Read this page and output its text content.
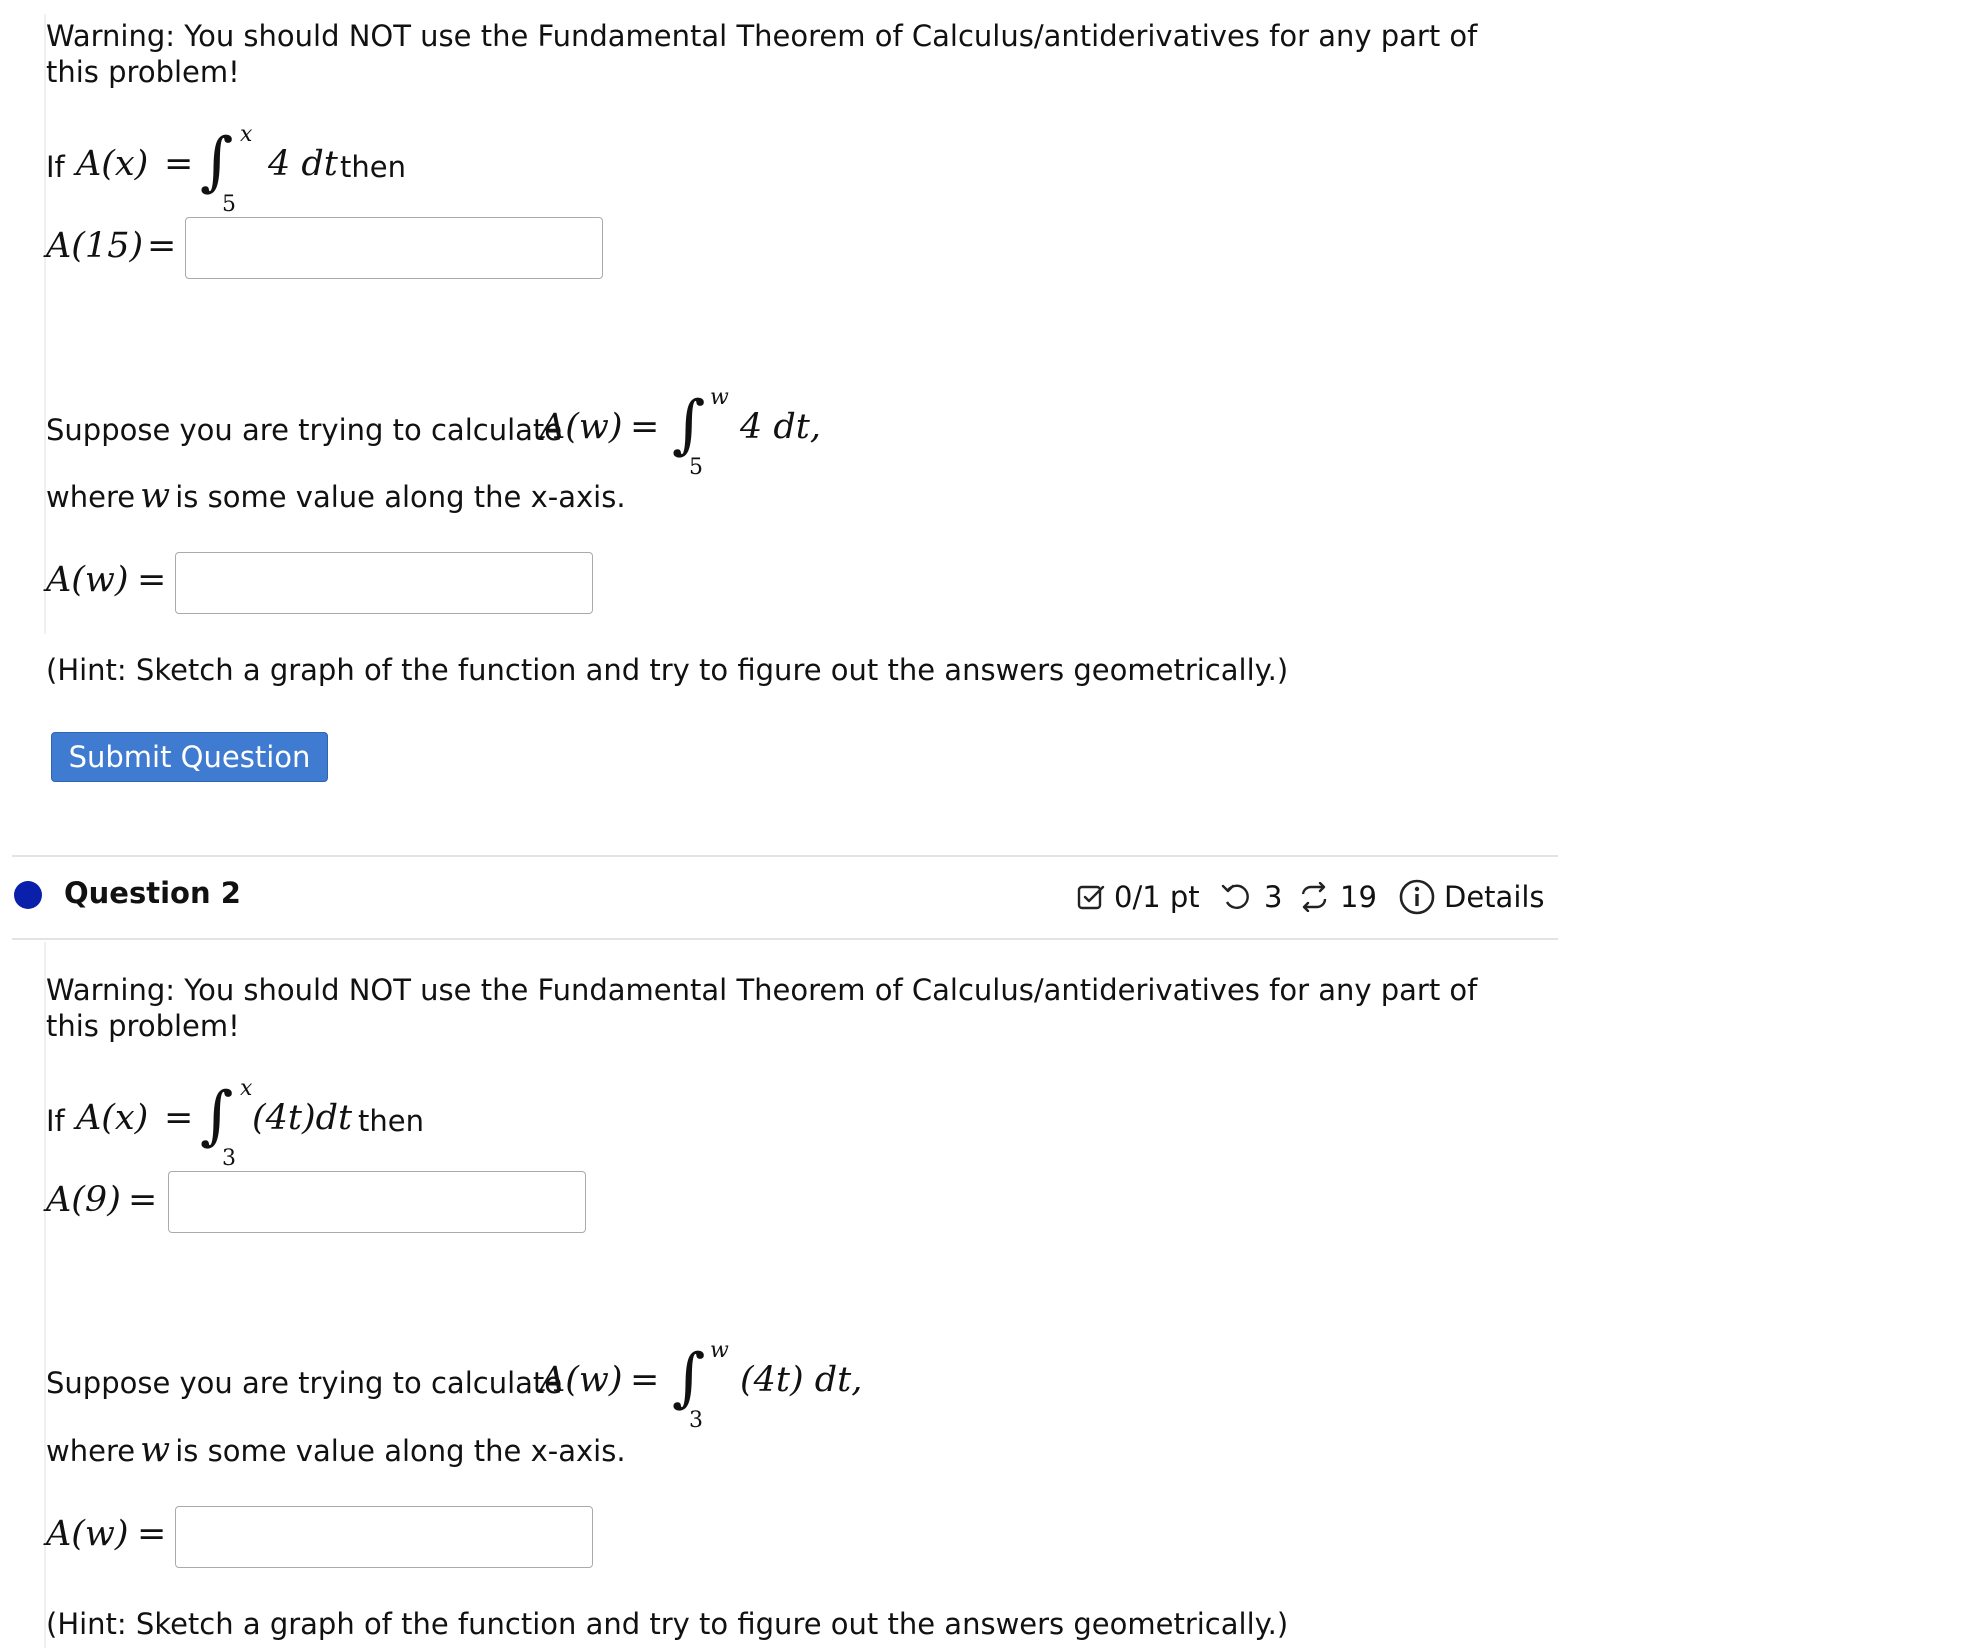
Warning: You should NOT use the Fundamental Theorem of Calculus/antiderivatives for any part of this problem!
If A(x) = ∫ x
5
4 dt then
A(15) =
Suppose you are trying to calculate
A(w) = ∫ w
5
4 dt,
where w is some value along the x-axis.
A(w) =
(Hint: Sketch a graph of the function and try to figure out the answers geometrically.)
Submit Question
Question 2	0/1 pt 3 19 Details
Warning: You should NOT use the Fundamental Theorem of Calculus/antiderivatives for any part of this problem!
If A(x) = ∫ x
3
(4t)dt then
A(9) =
Suppose you are trying to calculate
A(w) = ∫ w
3
(4t) dt,
where w is some value along the x-axis.
A(w) =
(Hint: Sketch a graph of the function and try to figure out the answers geometrically.)
